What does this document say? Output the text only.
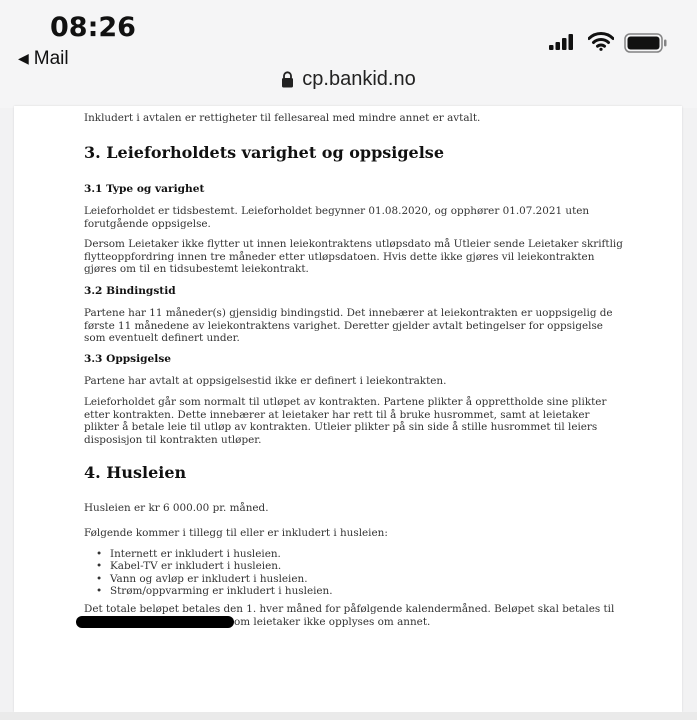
08:26
◀ Mail
cp.bankid.no

Inkludert i avtalen er rettigheter til fellesareal med mindre annet er avtalt.

3. Leieforholdets varighet og oppsigelse
3.1 Type og varighet

Leieforholdet er tidsbestemt. Leieforholdet begynner 01.08.2020, og opphører 01.07.2021 uten forutgående oppsigelse.

Dersom Leietaker ikke flytter ut innen leiekontraktens utløpsdato må Utleier sende Leietaker skriftlig flytteoppfordring innen tre måneder etter utløpsdatoen. Hvis dette ikke gjøres vil leiekontrakten gjøres om til en tidsubestemt leiekontrakt.

3.2 Bindingstid

Partene har 11 måneder(s) gjensidig bindingstid. Det innebærer at leiekontrakten er uoppsigelig de første 11 månedene av leiekontraktens varighet. Deretter gjelder avtalt betingelser for oppsigelse som eventuelt definert under.

3.3 Oppsigelse

Partene har avtalt at oppsigelsestid ikke er definert i leiekontrakten.

Leieforholdet går som normalt til utløpet av kontrakten. Partene plikter å opprettholde sine plikter etter kontrakten. Dette innebærer at leietaker har rett til å bruke husrommet, samt at leietaker plikter å betale leie til utløp av kontrakten. Utleier plikter på sin side å stille husrommet til leiers disposisjon til kontrakten utløper.

4. Husleien

Husleien er kr 6 000.00 pr. måned.

Følgende kommer i tillegg til eller er inkludert i husleien:

• Internett er inkludert i husleien.
• Kabel-TV er inkludert i husleien.
• Vann og avløp er inkludert i husleien.
• Strøm/oppvarming er inkludert i husleien.

Det totale beløpet betales den 1. hver måned for påfølgende kalendermåned. Beløpet skal betales til

om leietaker ikke opplyses om annet.
